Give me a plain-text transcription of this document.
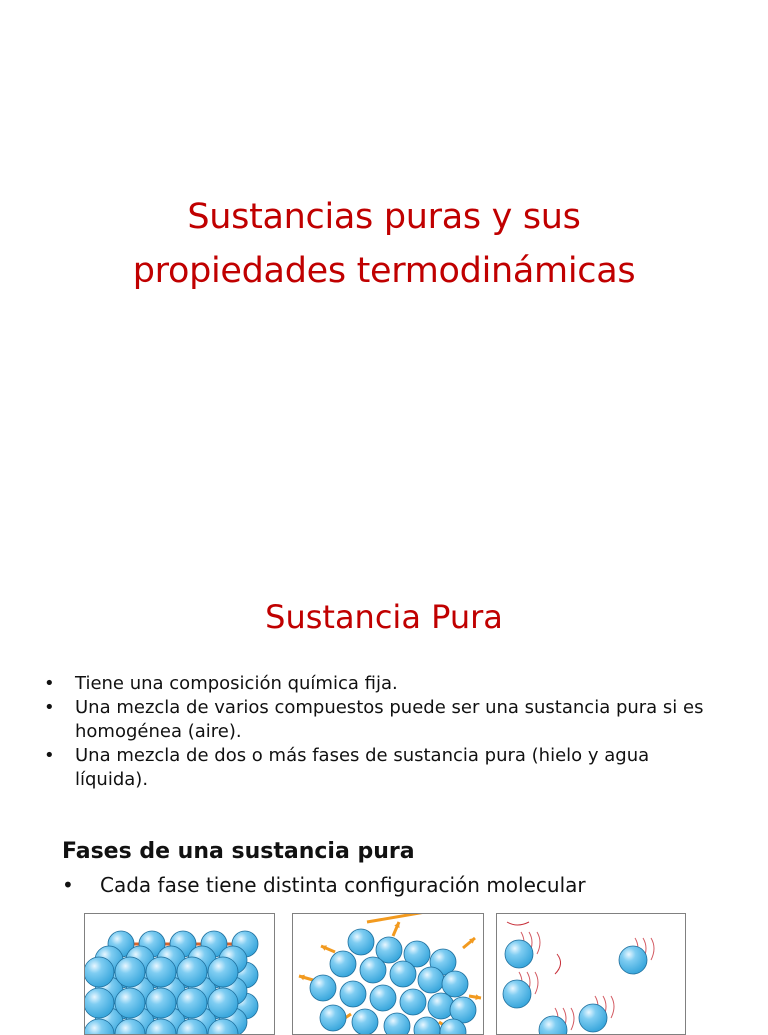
Sustancias puras y sus
propiedades termodinámicas
Sustancia Pura
• Tiene una composición química fija.
• Una mezcla de varios compuestos puede ser una sustancia pura si es homogénea (aire).
• Una mezcla de dos o más fases de sustancia pura (hielo y agua líquida).
Fases de una sustancia pura
• Cada fase tiene distinta configuración molecular
